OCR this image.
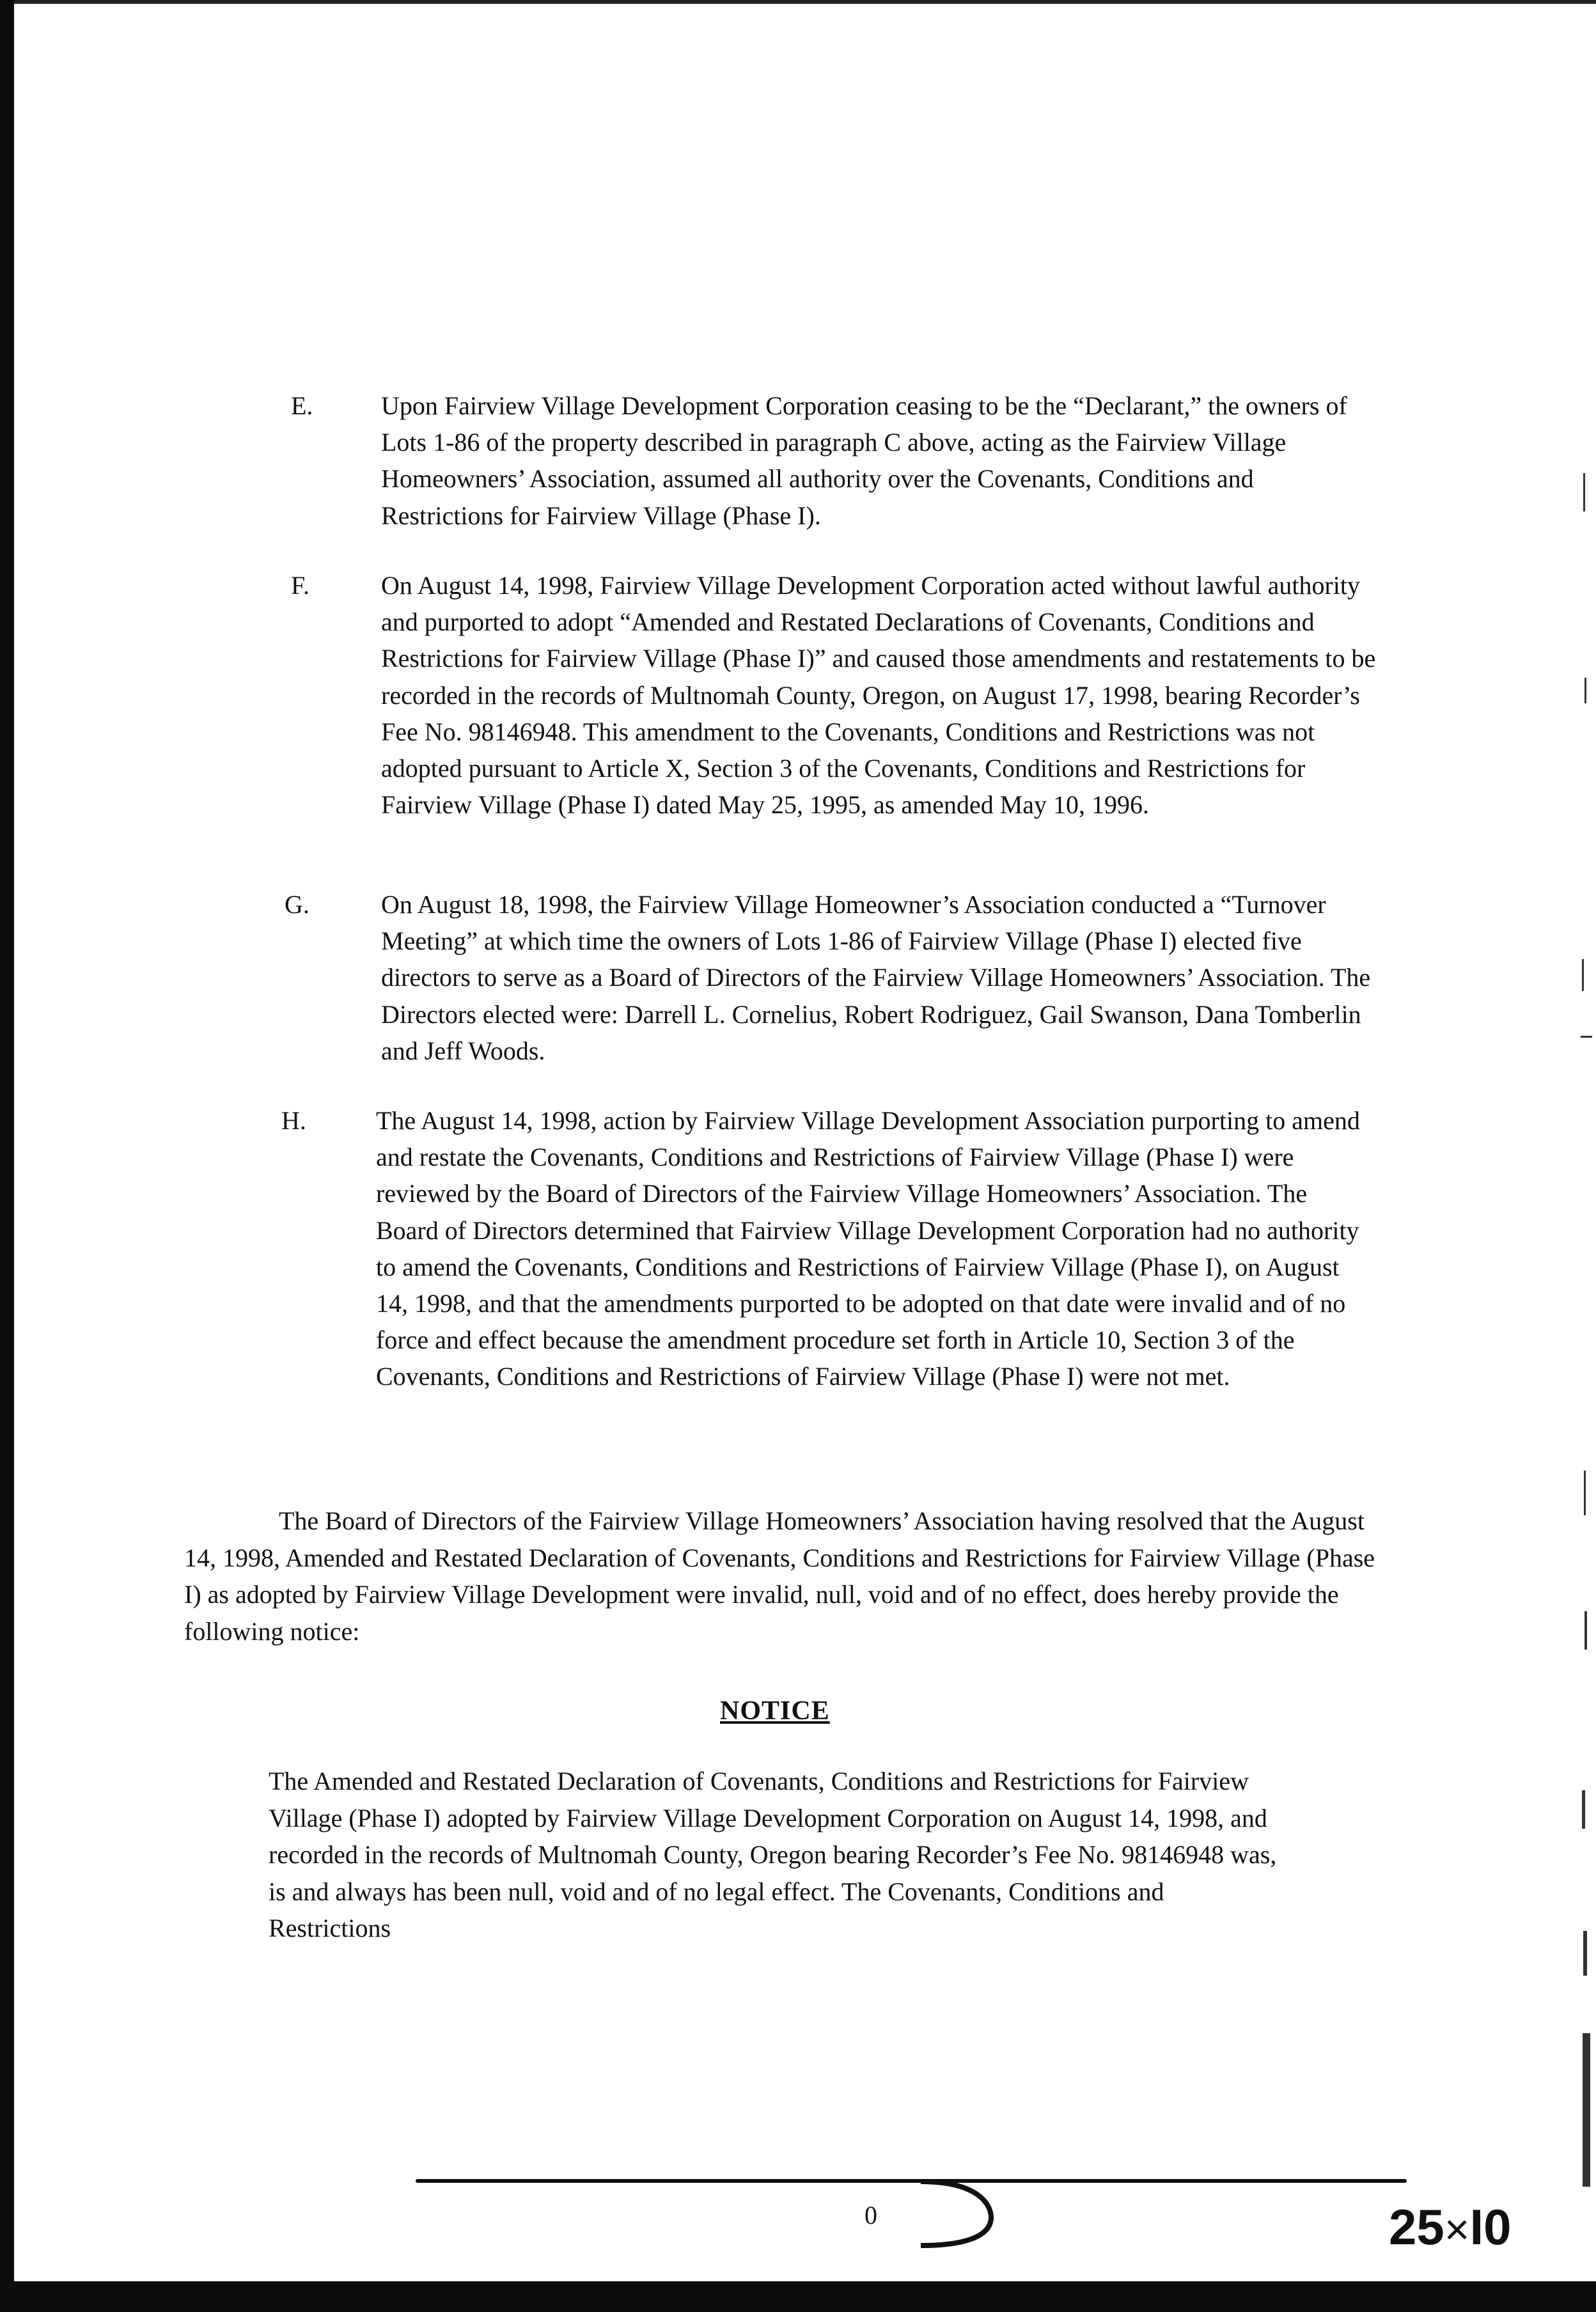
E.	Upon Fairview Village Development Corporation ceasing to be the “Declarant,” the owners of Lots 1-86 of the property described in paragraph C above, acting as the Fairview Village Homeowners’ Association, assumed all authority over the Covenants, Conditions and Restrictions for Fairview Village (Phase I).
F.	On August 14, 1998, Fairview Village Development Corporation acted without lawful authority and purported to adopt “Amended and Restated Declarations of Covenants, Conditions and Restrictions for Fairview Village (Phase I)” and caused those amendments and restatements to be recorded in the records of Multnomah County, Oregon, on August 17, 1998, bearing Recorder’s Fee No. 98146948. This amendment to the Covenants, Conditions and Restrictions was not adopted pursuant to Article X, Section 3 of the Covenants, Conditions and Restrictions for Fairview Village (Phase I) dated May 25, 1995, as amended May 10, 1996.
G.	On August 18, 1998, the Fairview Village Homeowner’s Association conducted a “Turnover Meeting” at which time the owners of Lots 1-86 of Fairview Village (Phase I) elected five directors to serve as a Board of Directors of the Fairview Village Homeowners’ Association. The Directors elected were: Darrell L. Cornelius, Robert Rodriguez, Gail Swanson, Dana Tomberlin and Jeff Woods.
H.	The August 14, 1998, action by Fairview Village Development Association purporting to amend and restate the Covenants, Conditions and Restrictions of Fairview Village (Phase I) were reviewed by the Board of Directors of the Fairview Village Homeowners’ Association. The Board of Directors determined that Fairview Village Development Corporation had no authority to amend the Covenants, Conditions and Restrictions of Fairview Village (Phase I), on August 14, 1998, and that the amendments purported to be adopted on that date were invalid and of no force and effect because the amendment procedure set forth in Article 10, Section 3 of the Covenants, Conditions and Restrictions of Fairview Village (Phase I) were not met.
The Board of Directors of the Fairview Village Homeowners’ Association having resolved that the August 14, 1998, Amended and Restated Declaration of Covenants, Conditions and Restrictions for Fairview Village (Phase I) as adopted by Fairview Village Development were invalid, null, void and of no effect, does hereby provide the following notice:
NOTICE
The Amended and Restated Declaration of Covenants, Conditions and Restrictions for Fairview Village (Phase I) adopted by Fairview Village Development Corporation on August 14, 1998, and recorded in the records of Multnomah County, Oregon bearing Recorder’s Fee No. 98146948 was, is and always has been null, void and of no legal effect. The Covenants, Conditions and Restrictions
0	25×I0
